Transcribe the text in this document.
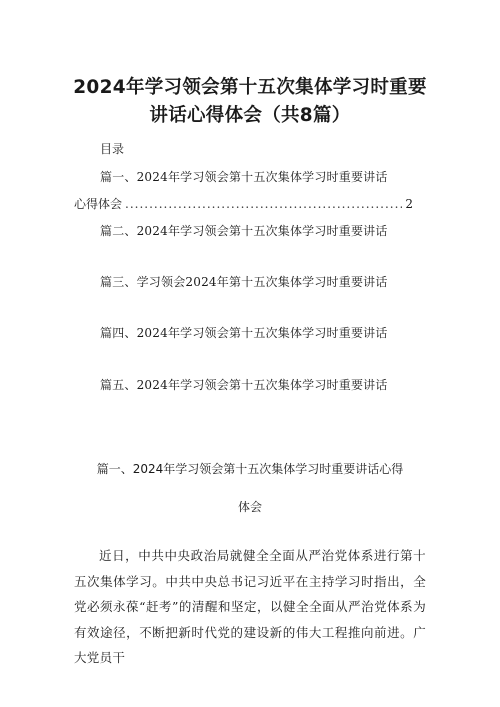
2024年学习领会第十五次集体学习时重要
讲话心得体会（共8篇）
目录
篇一、2024年学习领会第十五次集体学习时重要讲话
心得体会
.....	2
篇二、2024年学习领会第十五次集体学习时重要讲话
篇三、学习领会2024年第十五次集体学习时重要讲话
篇四、2024年学习领会第十五次集体学习时重要讲话
篇五、2024年学习领会第十五次集体学习时重要讲话
篇一、2024年学习领会第十五次集体学习时重要讲话心得
体会
近日，中共中央政治局就健全全面从严治党体系进行第十五次集体学习。中共中央总书记习近平在主持学习时指出，全党必须永葆“赶考”的清醒和坚定，以健全全面从严治党体系为有效途径，不断把新时代党的建设新的伟大工程推向前进。广大党员干
